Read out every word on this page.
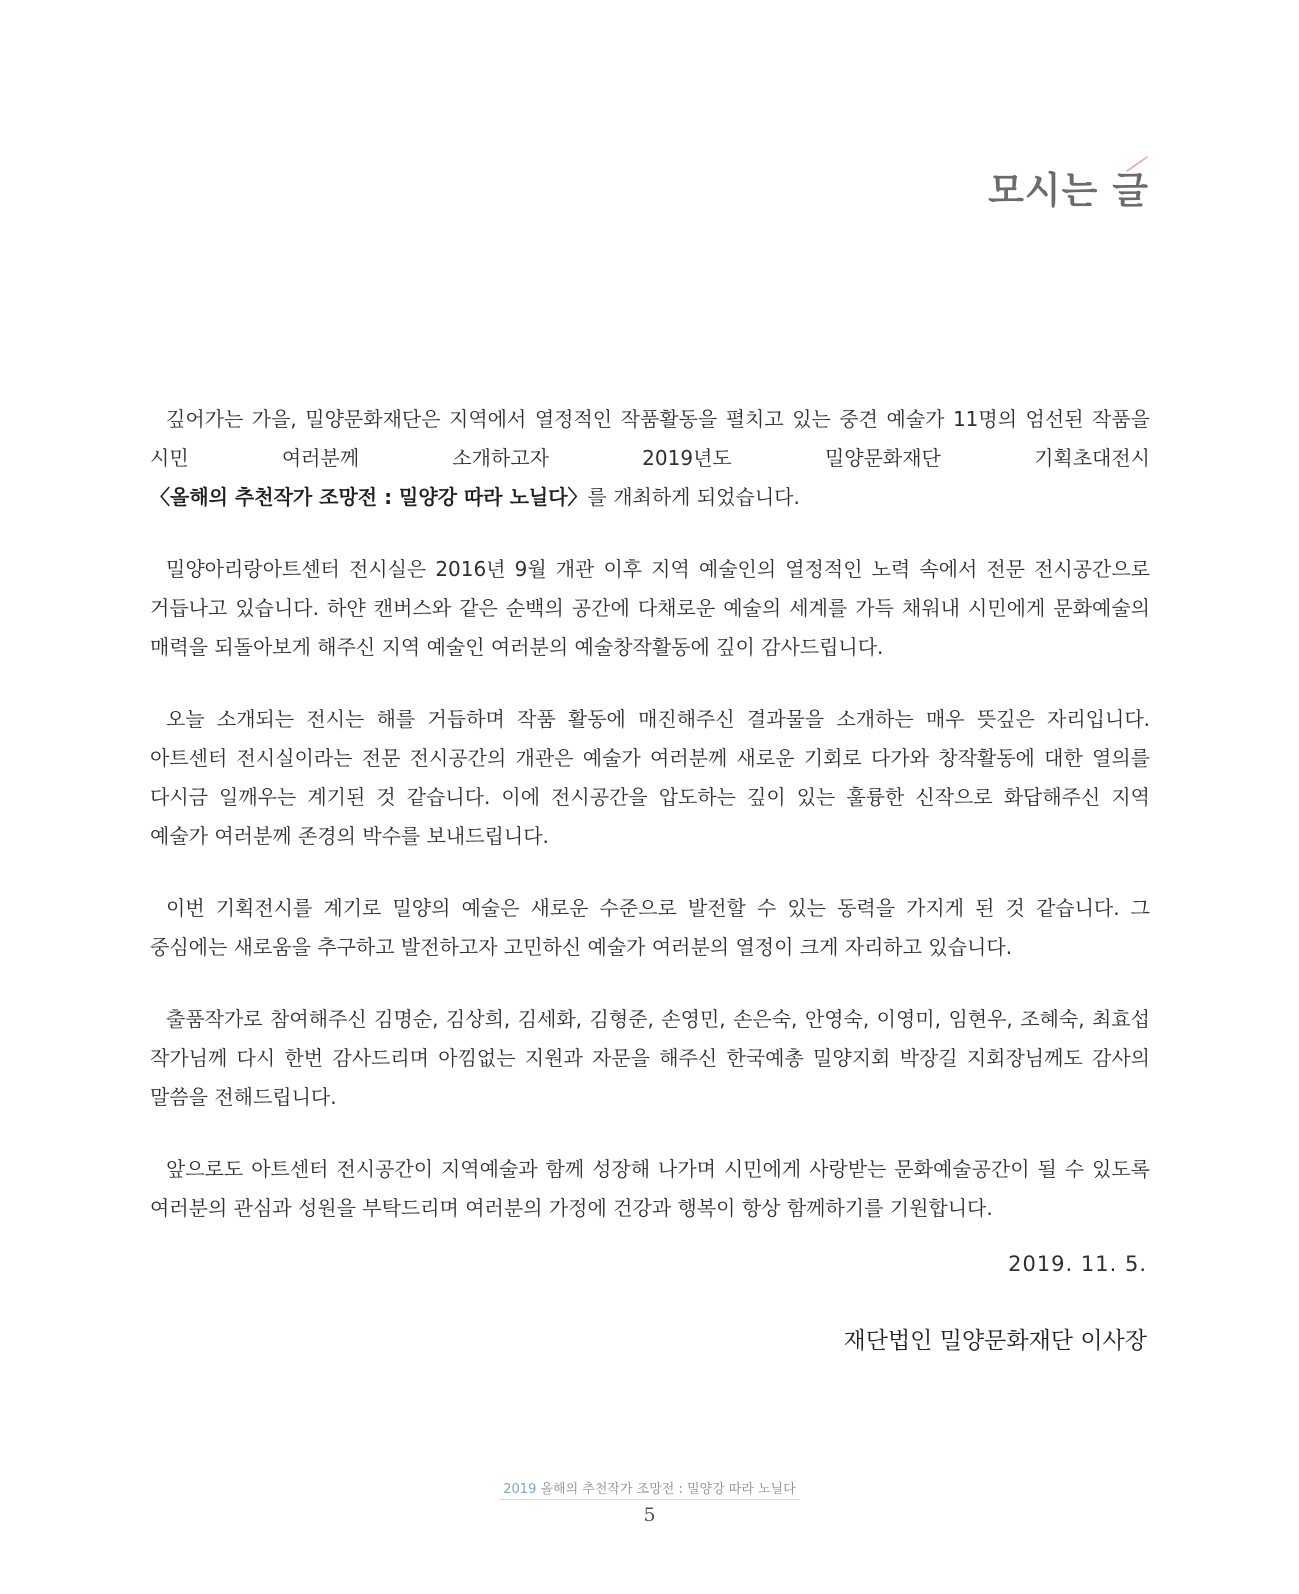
모시는 글

깊어가는 가을, 밀양문화재단은 지역에서 열정적인 작품활동을 펼치고 있는 중견 예술가 11명의 엄선된 작품을 시민 여러분께 소개하고자 2019년도 밀양문화재단 기획초대전시 〈올해의 추천작가 조망전 : 밀양강 따라 노닐다〉를 개최하게 되었습니다.

밀양아리랑아트센터 전시실은 2016년 9월 개관 이후 지역 예술인의 열정적인 노력 속에서 전문 전시공간으로 거듭나고 있습니다. 하얀 캔버스와 같은 순백의 공간에 다채로운 예술의 세계를 가득 채워내 시민에게 문화예술의 매력을 되돌아보게 해주신 지역 예술인 여러분의 예술창작활동에 깊이 감사드립니다.

오늘 소개되는 전시는 해를 거듭하며 작품 활동에 매진해주신 결과물을 소개하는 매우 뜻깊은 자리입니다. 아트센터 전시실이라는 전문 전시공간의 개관은 예술가 여러분께 새로운 기회로 다가와 창작활동에 대한 열의를 다시금 일깨우는 계기된 것 같습니다. 이에 전시공간을 압도하는 깊이 있는 훌륭한 신작으로 화답해주신 지역 예술가 여러분께 존경의 박수를 보내드립니다.

이번 기획전시를 계기로 밀양의 예술은 새로운 수준으로 발전할 수 있는 동력을 가지게 된 것 같습니다. 그 중심에는 새로움을 추구하고 발전하고자 고민하신 예술가 여러분의 열정이 크게 자리하고 있습니다.

출품작가로 참여해주신 김명순, 김상희, 김세화, 김형준, 손영민, 손은숙, 안영숙, 이영미, 임현우, 조혜숙, 최효섭 작가님께 다시 한번 감사드리며 아낌없는 지원과 자문을 해주신 한국예총 밀양지회 박장길 지회장님께도 감사의 말씀을 전해드립니다.

앞으로도 아트센터 전시공간이 지역예술과 함께 성장해 나가며 시민에게 사랑받는 문화예술공간이 될 수 있도록 여러분의 관심과 성원을 부탁드리며 여러분의 가정에 건강과 행복이 항상 함께하기를 기원합니다.

2019. 11. 5.
재단법인 밀양문화재단 이사장
2019 올해의 추천작가 조망전 : 밀양강 따라 노닐다
5
